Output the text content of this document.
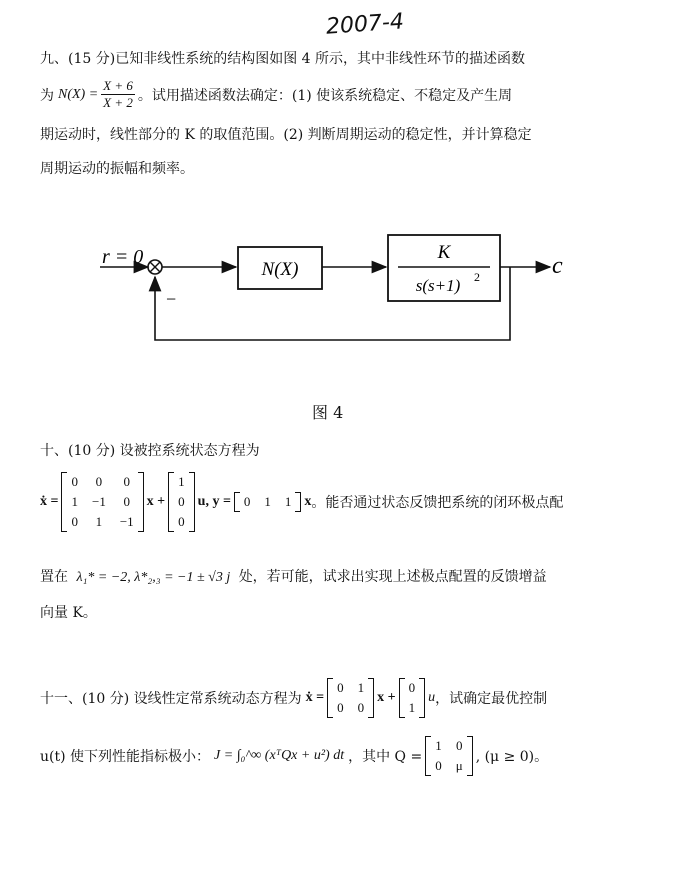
2007-4
九、(15 分)已知非线性系统的结构图如图 4 所示，其中非线性环节的描述函数
为 $N(X) = \frac{X + 6}{X + 2}$ 。试用描述函数法确定：(1) 使该系统稳定、不稳定及产生周
期运动时，线性部分的 K 的取值范围。(2) 判断周期运动的稳定性，并计算稳定
周期运动的振幅和频率。
r = 0
−
N(X)
K
s(s+1) 2	c
图 4
十、(10 分) 设被控系统状态方程为
ẋ =
0	0	0
1	−1	0
0	1	−1
x +
1
0
0
u, y = 0	1	1 x 。能否通过状态反馈把系统的闭环极点配
置在 λ₁* = −2, λ*₂,₃ = −1 ± √3 j 处，若可能，试求出实现上述极点配置的反馈增益
向量 K。
十一、(10 分) 设线性定常系统动态方程为 ẋ =
0	1
0	0
x +
0
1
u ，试确定最优控制
u(t) 使下列性能指标极小： J = ∫₀^∞ (xᵀQx + u²) dt ，其中 Q =
1	0
0	μ
, (μ ≥ 0)。
